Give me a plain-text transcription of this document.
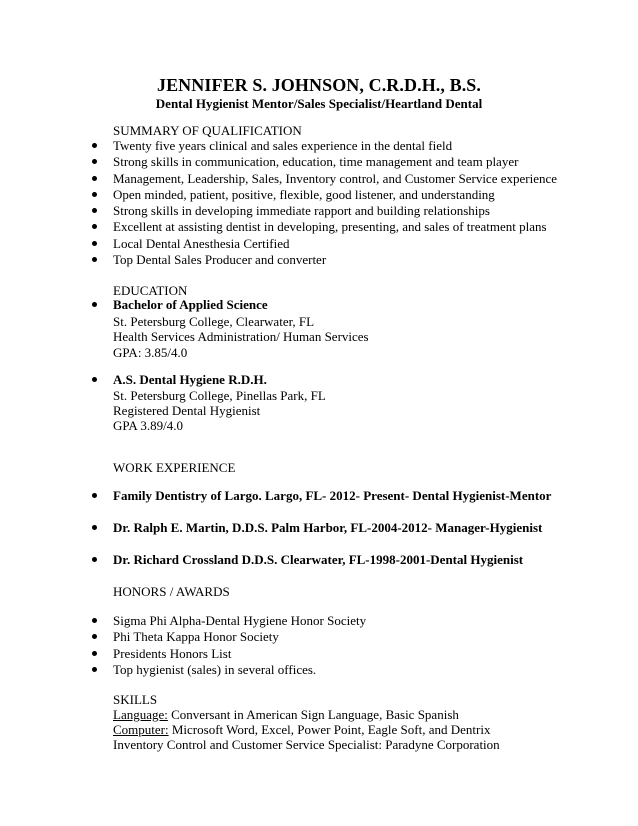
JENNIFER S. JOHNSON, C.R.D.H., B.S.
Dental Hygienist Mentor/Sales Specialist/Heartland Dental
SUMMARY OF QUALIFICATION
Twenty five years clinical and sales experience in the dental field
Strong skills in communication, education, time management and team player
Management, Leadership, Sales, Inventory control, and Customer Service experience
Open minded, patient, positive, flexible, good listener, and understanding
Strong skills in developing immediate rapport and building relationships
Excellent at assisting dentist in developing, presenting, and sales of treatment plans
Local Dental Anesthesia Certified
Top Dental Sales Producer and converter
EDUCATION
Bachelor of Applied Science
St. Petersburg College, Clearwater, FL
Health Services Administration/ Human Services
GPA: 3.85/4.0
A.S. Dental Hygiene R.D.H.
St. Petersburg College, Pinellas Park, FL
Registered Dental Hygienist
GPA 3.89/4.0
WORK EXPERIENCE
Family Dentistry of Largo. Largo, FL- 2012- Present- Dental Hygienist-Mentor
Dr. Ralph E. Martin, D.D.S. Palm Harbor, FL-2004-2012- Manager-Hygienist
Dr. Richard Crossland D.D.S. Clearwater, FL-1998-2001-Dental Hygienist
HONORS / AWARDS
Sigma Phi Alpha-Dental Hygiene Honor Society
Phi Theta Kappa Honor Society
Presidents Honors List
Top hygienist (sales) in several offices.
SKILLS
Language: Conversant in American Sign Language, Basic Spanish
Computer: Microsoft Word, Excel, Power Point, Eagle Soft, and Dentrix
Inventory Control and Customer Service Specialist: Paradyne Corporation
